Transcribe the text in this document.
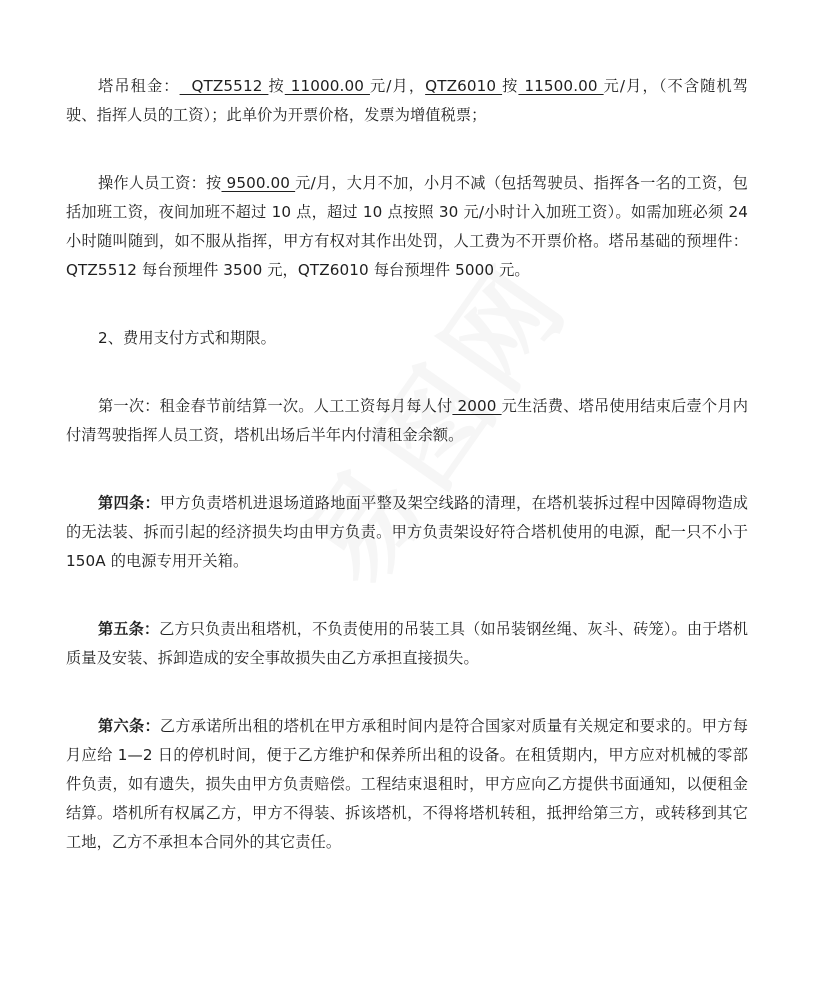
塔吊租金：  QTZ5512 按 11000.00 元/月，QTZ6010 按 11500.00 元/月，（不含随机驾驶、指挥人员的工资）；此单价为开票价格，发票为增值税票；

操作人员工资：按 9500.00 元/月，大月不加，小月不减（包括驾驶员、指挥各一名的工资，包括加班工资，夜间加班不超过 10 点，超过 10 点按照 30 元/小时计入加班工资）。如需加班必须 24 小时随叫随到，如不服从指挥，甲方有权对其作出处罚，人工费为不开票价格。塔吊基础的预埋件：QTZ5512 每台预埋件 3500 元，QTZ6010 每台预埋件 5000 元。

2、费用支付方式和期限。

第一次：租金春节前结算一次。人工工资每月每人付 2000 元生活费、塔吊使用结束后壹个月内付清驾驶指挥人员工资，塔机出场后半年内付清租金余额。

第四条：甲方负责塔机进退场道路地面平整及架空线路的清理，在塔机装拆过程中因障碍物造成的无法装、拆而引起的经济损失均由甲方负责。甲方负责架设好符合塔机使用的电源，配一只不小于 150A 的电源专用开关箱。

第五条：乙方只负责出租塔机，不负责使用的吊装工具（如吊装钢丝绳、灰斗、砖笼）。由于塔机质量及安装、拆卸造成的安全事故损失由乙方承担直接损失。

第六条：乙方承诺所出租的塔机在甲方承租时间内是符合国家对质量有关规定和要求的。甲方每月应给 1—2 日的停机时间，便于乙方维护和保养所出租的设备。在租赁期内，甲方应对机械的零部件负责，如有遗失，损失由甲方负责赔偿。工程结束退租时，甲方应向乙方提供书面通知，以便租金结算。塔机所有权属乙方，甲方不得装、拆该塔机，不得将塔机转租，抵押给第三方，或转移到其它工地，乙方不承担本合同外的其它责任。
